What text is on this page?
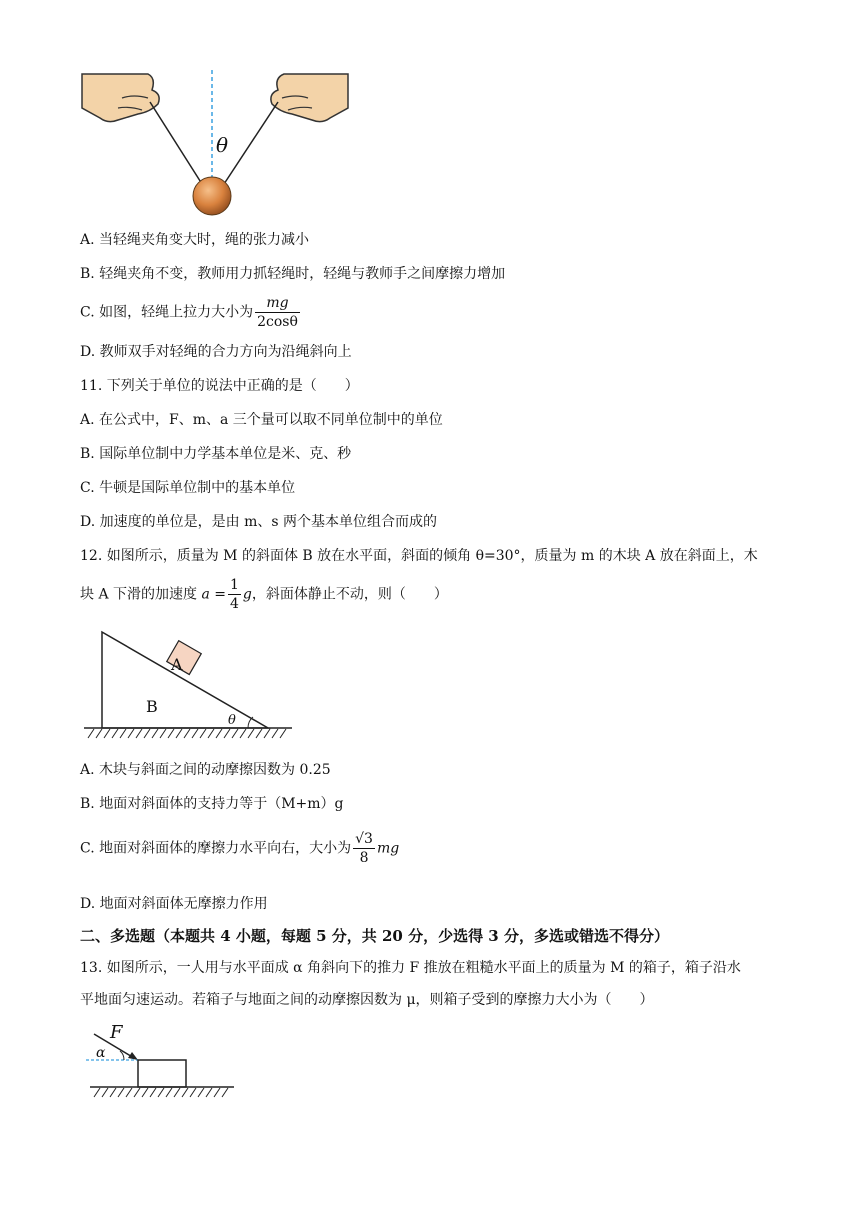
θ
A. 当轻绳夹角变大时，绳的张力减小
B. 轻绳夹角不变，教师用力抓轻绳时，轻绳与教师手之间摩擦力增加
C. 如图，轻绳上拉力大小为 $\frac{mg}{2\cos\theta}$
D. 教师双手对轻绳的合力方向为沿绳斜向上
11. 下列关于单位的说法中正确的是（　　）
A. 在公式中，F、m、a 三个量可以取不同单位制中的单位
B. 国际单位制中力学基本单位是米、克、秒
C. 牛顿是国际单位制中的基本单位
D. 加速度的单位是，是由 m、s 两个基本单位组合而成的
12. 如图所示，质量为 M 的斜面体 B 放在水平面，斜面的倾角 θ=30°，质量为 m 的木块 A 放在斜面上，木
块 A 下滑的加速度 $a = \frac{1}{4}$ g，斜面体静止不动，则（　　）
A
B
θ
A. 木块与斜面之间的动摩擦因数为 0.25
B. 地面对斜面体的支持力等于（M+m）g
C. 地面对斜面体的摩擦力水平向右，大小为 $\frac{√3}{8}$ mg
D. 地面对斜面体无摩擦力作用
二、多选题（本题共 4 小题，每题 5 分，共 20 分，少选得 3 分，多选或错选不得分）
13. 如图所示，一人用与水平面成 α 角斜向下的推力 F 推放在粗糙水平面上的质量为 M 的箱子，箱子沿水
平地面匀速运动。若箱子与地面之间的动摩擦因数为 μ，则箱子受到的摩擦力大小为（　　）
F
α
